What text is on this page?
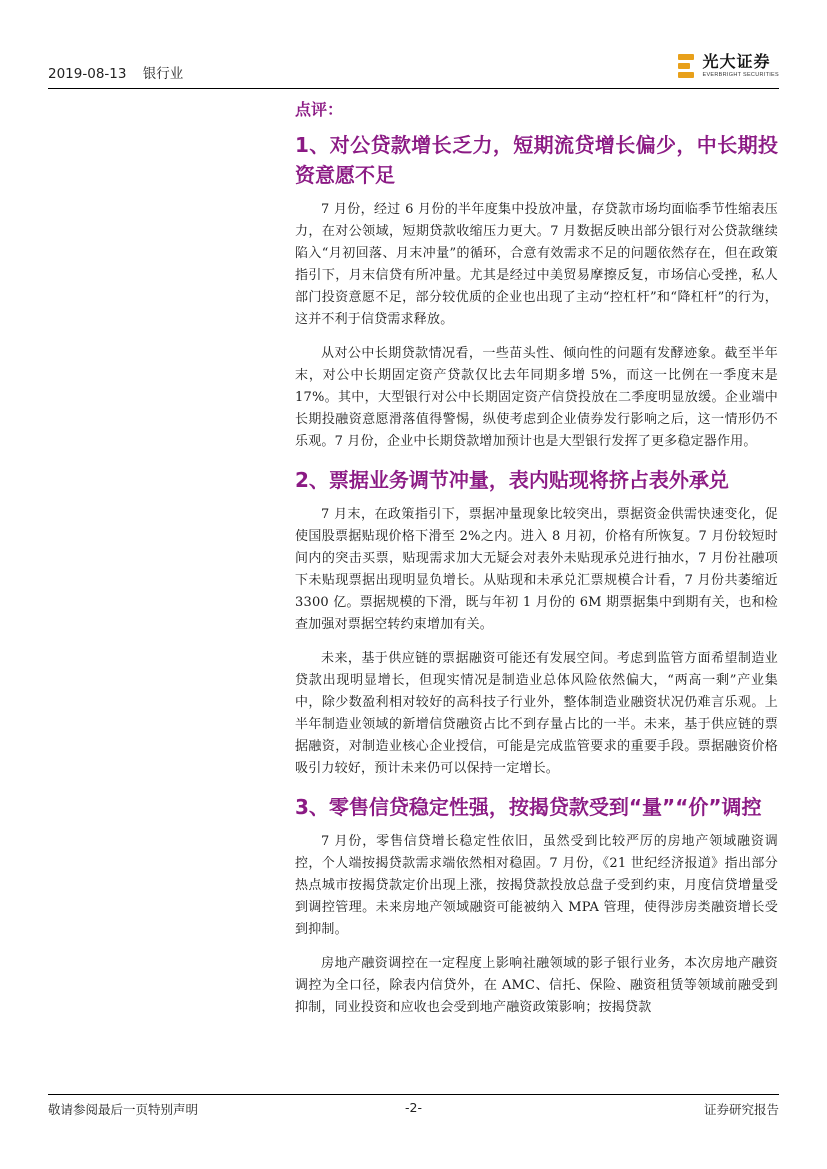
2019-08-13 银行业
光大证券
EVERBRIGHT SECURITIES
点评：
1、对公贷款增长乏力，短期流贷增长偏少，中长期投资意愿不足

7 月份，经过 6 月份的半年度集中投放冲量，存贷款市场均面临季节性缩表压力，在对公领域，短期贷款收缩压力更大。7 月数据反映出部分银行对公贷款继续陷入“月初回落、月末冲量”的循环，合意有效需求不足的问题依然存在，但在政策指引下，月末信贷有所冲量。尤其是经过中美贸易摩擦反复，市场信心受挫，私人部门投资意愿不足，部分较优质的企业也出现了主动“控杠杆”和“降杠杆”的行为，这并不利于信贷需求释放。

从对公中长期贷款情况看，一些苗头性、倾向性的问题有发酵迹象。截至半年末，对公中长期固定资产贷款仅比去年同期多增 5%，而这一比例在一季度末是 17%。其中，大型银行对公中长期固定资产信贷投放在二季度明显放缓。企业端中长期投融资意愿滑落值得警惕，纵使考虑到企业债券发行影响之后，这一情形仍不乐观。7 月份，企业中长期贷款增加预计也是大型银行发挥了更多稳定器作用。

2、票据业务调节冲量，表内贴现将挤占表外承兑

7 月末，在政策指引下，票据冲量现象比较突出，票据资金供需快速变化，促使国股票据贴现价格下滑至 2%之内。进入 8 月初，价格有所恢复。7 月份较短时间内的突击买票，贴现需求加大无疑会对表外未贴现承兑进行抽水，7 月份社融项下未贴现票据出现明显负增长。从贴现和未承兑汇票规模合计看，7 月份共萎缩近 3300 亿。票据规模的下滑，既与年初 1 月份的 6M 期票据集中到期有关，也和检查加强对票据空转约束增加有关。

未来，基于供应链的票据融资可能还有发展空间。考虑到监管方面希望制造业贷款出现明显增长，但现实情况是制造业总体风险依然偏大，“两高一剩”产业集中，除少数盈利相对较好的高科技子行业外，整体制造业融资状况仍难言乐观。上半年制造业领域的新增信贷融资占比不到存量占比的一半。未来，基于供应链的票据融资，对制造业核心企业授信，可能是完成监管要求的重要手段。票据融资价格吸引力较好，预计未来仍可以保持一定增长。

3、零售信贷稳定性强，按揭贷款受到“量”“价”调控

7 月份，零售信贷增长稳定性依旧，虽然受到比较严厉的房地产领域融资调控，个人端按揭贷款需求端依然相对稳固。7 月份，《21 世纪经济报道》指出部分热点城市按揭贷款定价出现上涨，按揭贷款投放总盘子受到约束，月度信贷增量受到调控管理。未来房地产领域融资可能被纳入 MPA 管理，使得涉房类融资增长受到抑制。

房地产融资调控在一定程度上影响社融领域的影子银行业务，本次房地产融资调控为全口径，除表内信贷外，在 AMC、信托、保险、融资租赁等领域前融受到抑制，同业投资和应收也会受到地产融资政策影响；按揭贷款

敬请参阅最后一页特别声明	-2-	证券研究报告
